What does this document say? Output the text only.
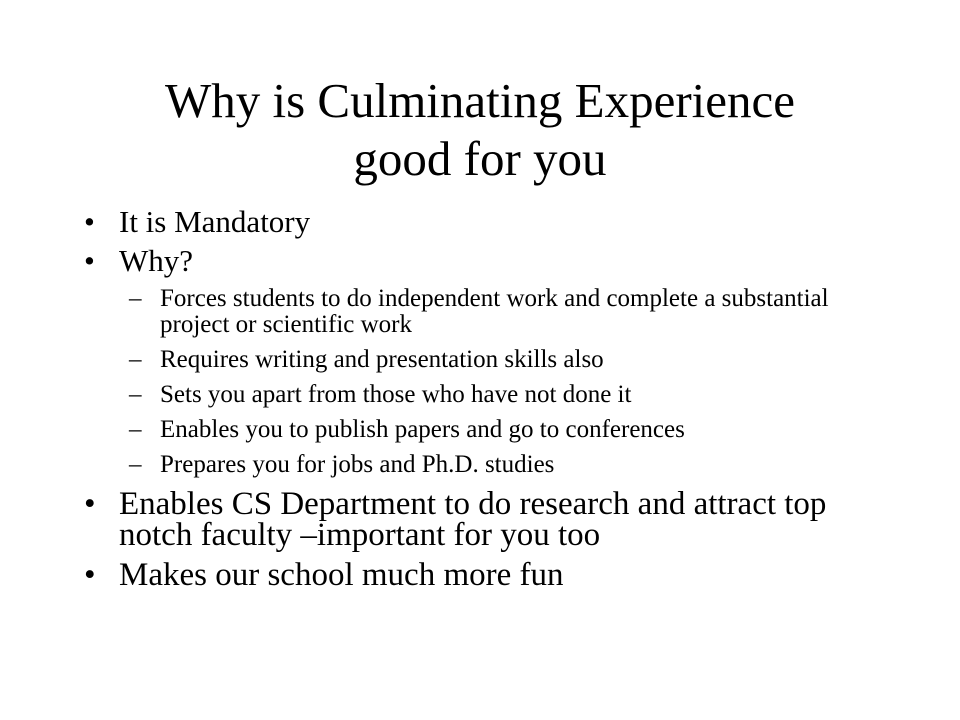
Why is Culminating Experience
good for you
• It is Mandatory
• Why?
– Forces students to do independent work and complete a substantial project or scientific work
– Requires writing and presentation skills also
– Sets you apart from those who have not done it
– Enables you to publish papers and go to conferences
– Prepares you for jobs and Ph.D. studies
• Enables CS Department to do research and attract top notch faculty –important for you too
• Makes our school much more fun
